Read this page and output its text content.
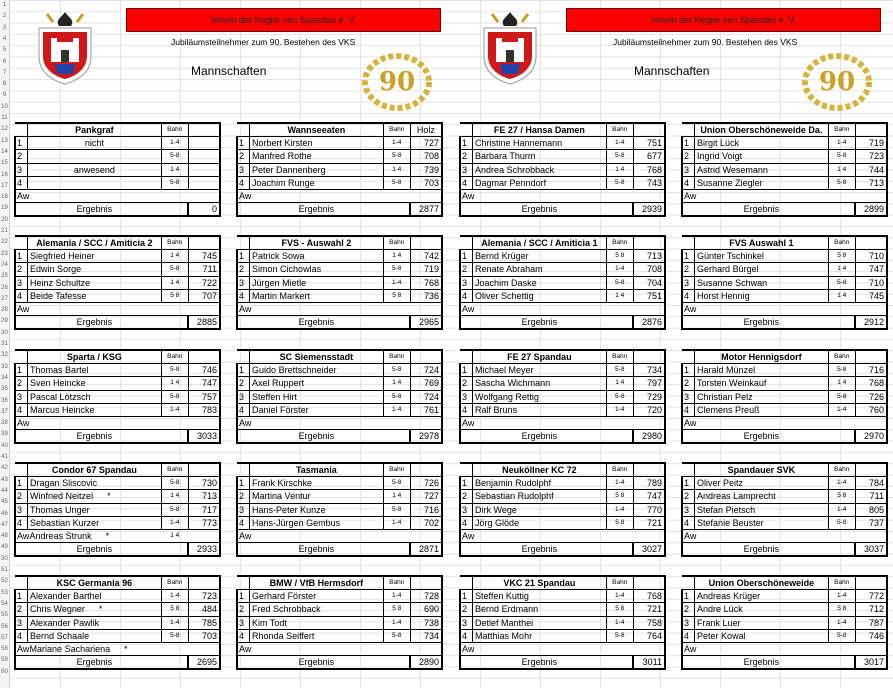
1
2
3
4
5
6
7
8
9
10
11
12
13
14
15
16
17
18
19
20
21
22
23
24
25
26
27
28
29
30
31
32
33
34
35
36
37
38
39
40
41
42
43
44
45
46
47
48
49
50
51
52
53
54
55
56
57
58
59
60
Verein der Kegler von Spandau e. V.
Jubiläumsteilnehmer zum 90. Bestehen des VKS
Mannschaften	90
Verein der Kegler von Spandau e. V.
Jubiläumsteilnehmer zum 90. Bestehen des VKS
Mannschaften	90
	Pankgraf	Bahn	
1	nicht	1-4	
2		5-8	
3	anwesend	1 4	
4		5-8	
Aw			
	Ergebnis		0
	Wannseeaten	Bahn	Holz
1	Norbert Kirsten	1-4	727
2	Manfred Rothe	5-8	708
3	Peter Dannenberg	1 4	739
4	Joachim Runge	5-8	703
Aw			
	Ergebnis		2877
	FE 27 / Hansa Damen	Bahn	
1	Christine Hannemann	1-4	751
2	Barbara Thurm	5-8	677
3	Andrea Schrobback	1 4	768
4	Dagmar Penndorf	5-8	743
Aw			
	Ergebnis		2939
	Union Oberschöneweide Da.	Bahn	
1	Birgit Lück	1-4	719
2	Ingrid Voigt	5-8	723
3	Astrid Wesemann	1 4	744
4	Susanne Ziegler	5-8	713
Aw			
	Ergebnis		2899
	Alemania / SCC / Amiticia 2	Bahn	
1	Siegfried Heiner	1 4	745
2	Edwin Sorge	5-8	711
3	Heinz Schultze	1 4	722
4	Beide Tafesse	5 8	707
Aw			
	Ergebnis		2885
	FVS - Auswahl 2	Bahn	
1	Patrick Sowa	1 4	742
2	Simon Cichowlas	5-8	719
3	Jürgen Mietle	1-4	768
4	Martin Markert	5 8	736
Aw			
	Ergebnis		2965
	Alemania / SCC / Amiticia 1	Bahn	
1	Bernd Krüger	5 8	713
2	Renate Abraham	1-4	708
3	Joachim Daske	5-8	704
4	Oliver Schettig	1 4	751
Aw			
	Ergebnis		2876
	FVS Auswahl 1	Bahn	
1	Günter Tschinkel	5 8	710
2	Gerhard Bürgel	1 4	747
3	Susanne Schwan	5-8	710
4	Horst Hennig	1 4	745
Aw			
	Ergebnis		2912
	Sparta / KSG	Bahn	
1	Thomas Bartel	5-8	746
2	Sven Heincke	1 4	747
3	Pascal Lötzsch	5-8	757
4	Marcus Heincke	1-4	783
Aw			
	Ergebnis		3033
	SC Siemensstadt	Bahn	
1	Guido Brettschneider	5-8	724
2	Axel Ruppert	1 4	769
3	Steffen Hirt	5-8	724
4	Daniel Förster	1-4	761
Aw			
	Ergebnis		2978
	FE 27 Spandau	Bahn	
1	Michael Meyer	5-8	734
2	Sascha Wichmann	1 4	797
3	Wolfgang Rettig	5-8	729
4	Ralf Bruns	1-4	720
Aw			
	Ergebnis		2980
	Motor Hennigsdorf	Bahn	
1	Harald Münzel	5-8	716
2	Torsten Weinkauf	1 4	768
3	Christian Pelz	5-8	726
4	Clemens Preuß	1-4	760
Aw			
	Ergebnis		2970
	Condor 67 Spandau	Bahn	
1	Dragan Sliscovic	5-8	730
2	Winfried Neitzel *	1 4	713
3	Thomas Unger	5-8	717
4	Sebastian Kurzer	1-4	773
Aw	Andreas Strunk *	1 4	
	Ergebnis		2933
	Tasmania	Bahn	
1	Frank Kirschke	5-8	726
2	Martina Ventur	1 4	727
3	Hans-Peter Kunze	5-8	716
4	Hans-Jürgen Gembus	1-4	702
Aw			
	Ergebnis		2871
	Neuköllner KC 72	Bahn	
1	Benjamin Rudolphf	1-4	789
2	Sebastian Rudolphf	5 8	747
3	Dirk Wege	1-4	770
4	Jörg Glöde	5 8	721
Aw			
	Ergebnis		3027
	Spandauer SVK	Bahn	
1	Oliver Peitz	1-4	784
2	Andreas Lamprecht	5 8	711
3	Stefan Pietsch	1-4	805
4	Stefanie Beuster	5-8	737
Aw			
	Ergebnis		3037
	KSC Germania 96	Bahn	
1	Alexander Barthel	1-4	723
2	Chris Wegner *	5 8	484
3	Alexander Pawlik	1-4	785
4	Bernd Schaale	5-8	703
Aw	Mariane Sachariena *		
	Ergebnis		2695
	BMW / VfB Hermsdorf	Bahn	
1	Gerhard Förster	1-4	728
2	Fred Schrobback	5 8	690
3	Kim Todt	1-4	738
4	Rhonda Seiffert	5-8	734
Aw			
	Ergebnis		2890
	VKC 21 Spandau	Bahn	
1	Steffen Kuttig	1-4	768
2	Bernd Erdmann	5 8	721
3	Detlef Manthei	1-4	758
4	Matthias Mohr	5-8	764
Aw			
	Ergebnis		3011
	Union Oberschöneweide	Bahn	
1	Andreas Krüger	1-4	772
2	Andre Lück	5 8	712
3	Frank Luer	1-4	787
4	Peter Kowal	5-8	746
Aw			
	Ergebnis		3017
